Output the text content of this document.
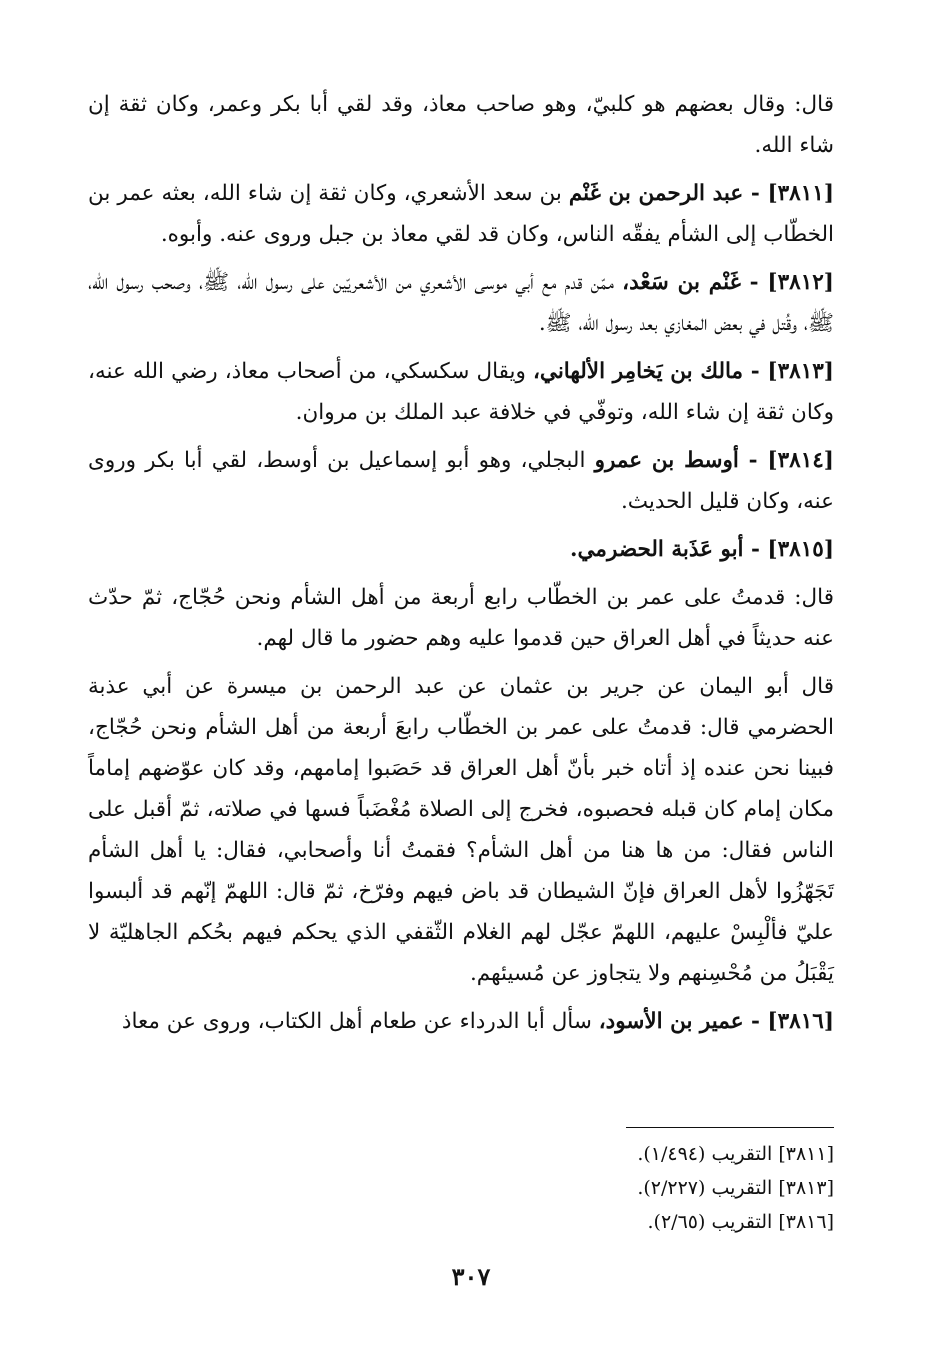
قال: وقال بعضهم هو كلبيّ، وهو صاحب معاذ، وقد لقي أبا بكر وعمر، وكان ثقة إن شاء الله.

[٣٨١١] - عبد الرحمن بن غَنْم بن سعد الأشعري، وكان ثقة إن شاء الله، بعثه عمر بن الخطّاب إلى الشأم يفقّه الناس، وكان قد لقي معاذ بن جبل وروى عنه. وأبوه.

[٣٨١٢] - غَنْم بن سَعْد، ممّن قدم مع أبي موسى الأشعري من الأشعريّين على رسول الله، ﷺ، وصحب رسول الله، ﷺ، وقُتل في بعض المغازي بعد رسول الله، ﷺ.

[٣٨١٣] - مالك بن يَخامِر الألهاني، ويقال سكسكي، من أصحاب معاذ، رضي الله عنه، وكان ثقة إن شاء الله، وتوفّي في خلافة عبد الملك بن مروان.

[٣٨١٤] - أوسط بن عمرو البجلي، وهو أبو إسماعيل بن أوسط، لقي أبا بكر وروى عنه، وكان قليل الحديث.

[٣٨١٥] - أبو عَذَبة الحضرمي.

قال: قدمتُ على عمر بن الخطّاب رابع أربعة من أهل الشأم ونحن حُجّاج، ثمّ حدّث عنه حديثاً في أهل العراق حين قدموا عليه وهم حضور ما قال لهم.

قال أبو اليمان عن جرير بن عثمان عن عبد الرحمن بن ميسرة عن أبي عذبة الحضرمي قال: قدمتُ على عمر بن الخطّاب رابعَ أربعة من أهل الشأم ونحن حُجّاج، فبينا نحن عنده إذ أتاه خبر بأنّ أهل العراق قد حَصَبوا إمامهم، وقد كان عوّضهم إماماً مكان إمام كان قبله فحصبوه، فخرج إلى الصلاة مُغْضَباً فسها في صلاته، ثمّ أقبل على الناس فقال: من ها هنا من أهل الشأم؟ فقمتُ أنا وأصحابي، فقال: يا أهل الشأم تَجَهّزُوا لأهل العراق فإنّ الشيطان قد باض فيهم وفرّخ، ثمّ قال: اللهمّ إنّهم قد ألبسوا عليّ فألْبِسْ عليهم، اللهمّ عجّل لهم الغلام الثّقفي الذي يحكم فيهم بحُكم الجاهليّة لا يَقْبَلُ من مُحْسِنهم ولا يتجاوز عن مُسيئهم.

[٣٨١٦] - عمير بن الأسود، سأل أبا الدرداء عن طعام أهل الكتاب، وروى عن معاذ

[٣٨١١] التقريب (١/٤٩٤).

[٣٨١٣] التقريب (٢/٢٢٧).

[٣٨١٦] التقريب (٢/٦٥).

٣٠٧
